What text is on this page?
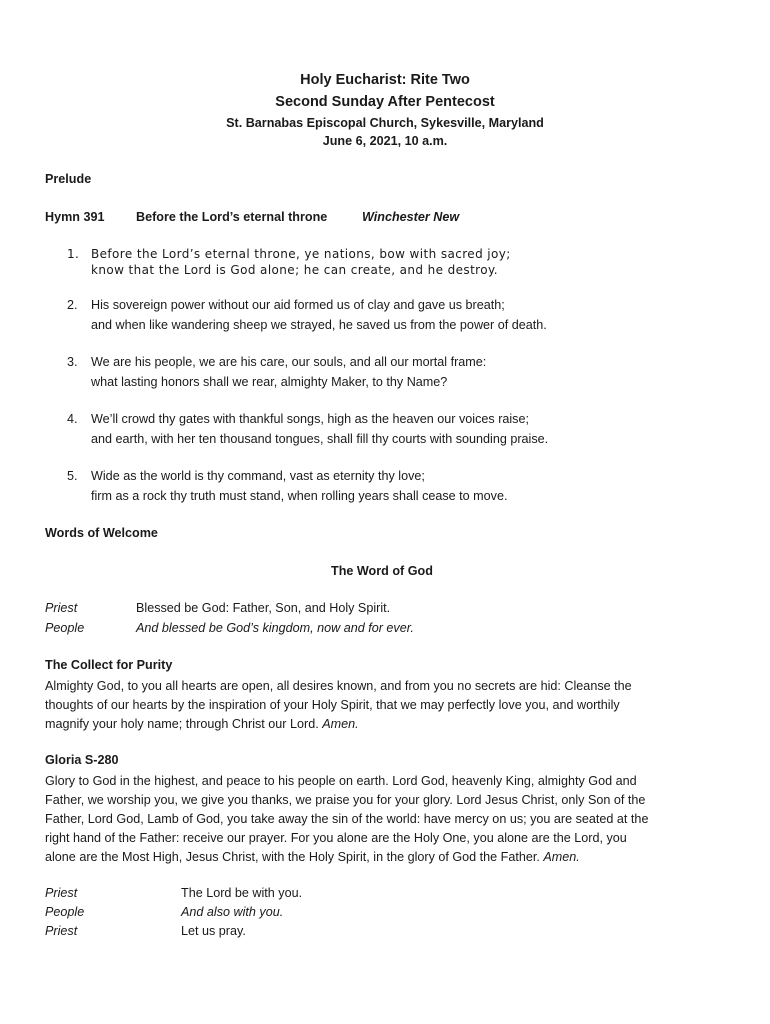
Holy Eucharist: Rite Two
Second Sunday After Pentecost
St. Barnabas Episcopal Church, Sykesville, Maryland
June 6, 2021, 10 a.m.
Prelude
Hymn 391 Before the Lord’s eternal throne	Winchester New
1. Before the Lord’s eternal throne, ye nations, bow with sacred joy;
know that the Lord is God alone; he can create, and he destroy.
2. His sovereign power without our aid formed us of clay and gave us breath;
and when like wandering sheep we strayed, he saved us from the power of death.
3. We are his people, we are his care, our souls, and all our mortal frame:
what lasting honors shall we rear, almighty Maker, to thy Name?
4. We’ll crowd thy gates with thankful songs, high as the heaven our voices raise;
and earth, with her ten thousand tongues, shall fill thy courts with sounding praise.
5. Wide as the world is thy command, vast as eternity thy love;
firm as a rock thy truth must stand, when rolling years shall cease to move.
Words of Welcome
The Word of God
Priest	Blessed be God: Father, Son, and Holy Spirit.
People	And blessed be God’s kingdom, now and for ever.
The Collect for Purity
Almighty God, to you all hearts are open, all desires known, and from you no secrets are hid: Cleanse the
thoughts of our hearts by the inspiration of your Holy Spirit, that we may perfectly love you, and worthily
magnify your holy name; through Christ our Lord. Amen.
Gloria S-280
Glory to God in the highest, and peace to his people on earth. Lord God, heavenly King, almighty God and
Father, we worship you, we give you thanks, we praise you for your glory. Lord Jesus Christ, only Son of the
Father, Lord God, Lamb of God, you take away the sin of the world: have mercy on us; you are seated at the
right hand of the Father: receive our prayer. For you alone are the Holy One, you alone are the Lord, you
alone are the Most High, Jesus Christ, with the Holy Spirit, in the glory of God the Father. Amen.
Priest	The Lord be with you.
People	And also with you.
Priest	Let us pray.
